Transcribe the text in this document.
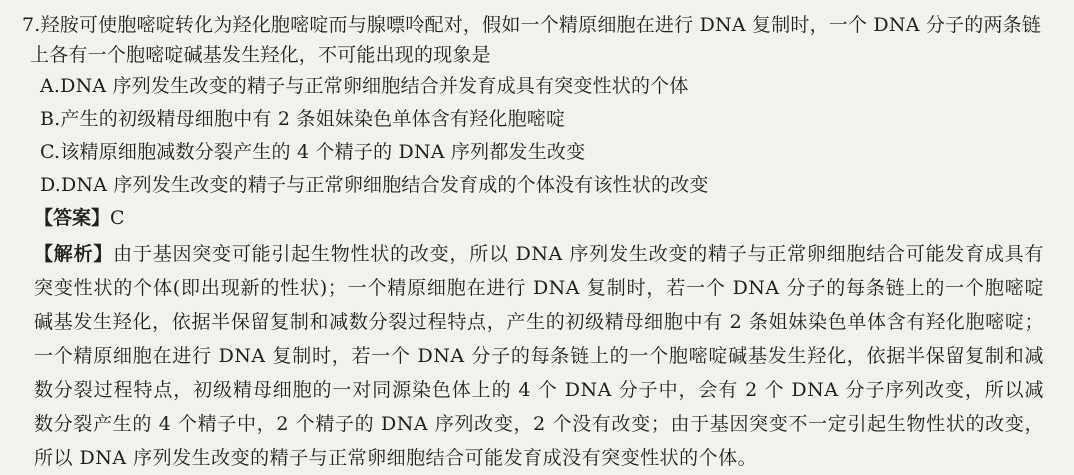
7.羟胺可使胞嘧啶转化为羟化胞嘧啶而与腺嘌呤配对，假如一个精原细胞在进行 DNA 复制时，一个 DNA 分子的两条链上各有一个胞嘧啶碱基发生羟化，不可能出现的现象是

A.DNA 序列发生改变的精子与正常卵细胞结合并发育成具有突变性状的个体

B.产生的初级精母细胞中有 2 条姐妹染色单体含有羟化胞嘧啶

C.该精原细胞减数分裂产生的 4 个精子的 DNA 序列都发生改变

D.DNA 序列发生改变的精子与正常卵细胞结合发育成的个体没有该性状的改变

【答案】C

【解析】由于基因突变可能引起生物性状的改变，所以 DNA 序列发生改变的精子与正常卵细胞结合可能发育成具有突变性状的个体(即出现新的性状)；一个精原细胞在进行 DNA 复制时，若一个 DNA 分子的每条链上的一个胞嘧啶碱基发生羟化，依据半保留复制和减数分裂过程特点，产生的初级精母细胞中有 2 条姐妹染色单体含有羟化胞嘧啶；一个精原细胞在进行 DNA 复制时，若一个 DNA 分子的每条链上的一个胞嘧啶碱基发生羟化，依据半保留复制和减数分裂过程特点，初级精母细胞的一对同源染色体上的 4 个 DNA 分子中，会有 2 个 DNA 分子序列改变，所以减数分裂产生的 4 个精子中，2 个精子的 DNA 序列改变，2 个没有改变；由于基因突变不一定引起生物性状的改变，所以 DNA 序列发生改变的精子与正常卵细胞结合可能发育成没有突变性状的个体。
